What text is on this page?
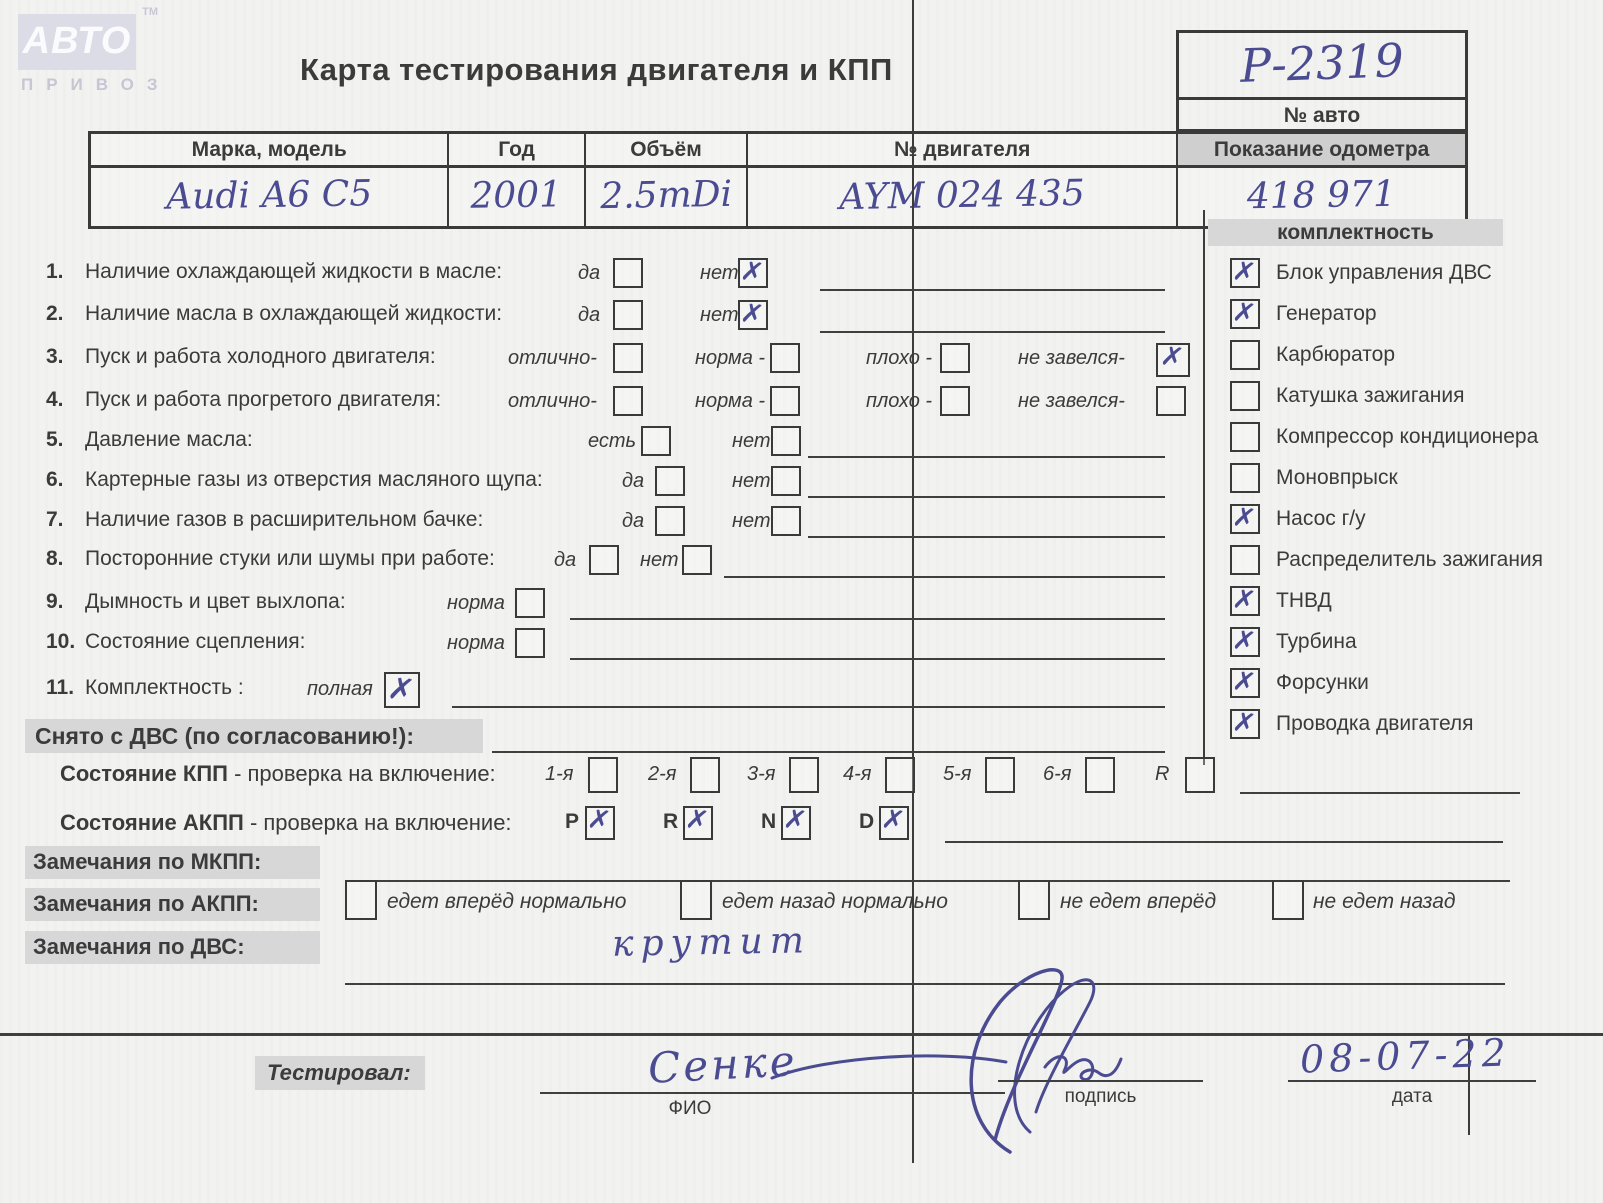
АВТО
ТМ
ПРИВОЗ	Карта тестирования двигателя и КПП	Р-2319
№ авто
Марка, модель	Год	Объём	№ двигателя	Показание одометра
Audi A6 C5	2001	2.5тDi	AYM 024 435	418 971
комплектность
✗ Блок управления ДВС
✗ Генератор
Карбюратор
Катушка зажигания
Компрессор кондиционера
Моновпрыск
✗ Насос г/у
Распределитель зажигания
✗ ТНВД
✗ Турбина
✗ Форсунки
✗ Проводка двигателя
1. Наличие охлаждающей жидкости в масле:	да	нет ✗
2. Наличие масла в охлаждающей жидкости:	да	нет ✗
3. Пуск и работа холодного двигателя:	отлично-	норма -	плохо -	не завелся- ✗
4. Пуск и работа прогретого двигателя:	отлично-	норма -	плохо -	не завелся-
5. Давление масла:	есть	нет
6. Картерные газы из отверстия масляного щупа:	да	нет
7. Наличие газов в расширительном бачке:	да	нет
8. Посторонние стуки или шумы при работе:	да	нет
9. Дымность и цвет выхлопа:	норма
10. Состояние сцепления:	норма
11. Комплектность :	полная ✗
Снято с ДВС (по согласованию!):
Состояние КПП - проверка на включение: 1-я	2-я	3-я	4-я	5-я	6-я	R
Состояние АКПП - проверка на включение:	P ✗ R ✗ N ✗ D ✗
Замечания по МКПП:
Замечания по АКПП:	едет вперёд нормально	едет назад нормально	не едет вперёд	не едет назад
Замечания по ДВС:	крутит
Тестировал:	Сенке
ФИО
подпись
08-07-22
дата
